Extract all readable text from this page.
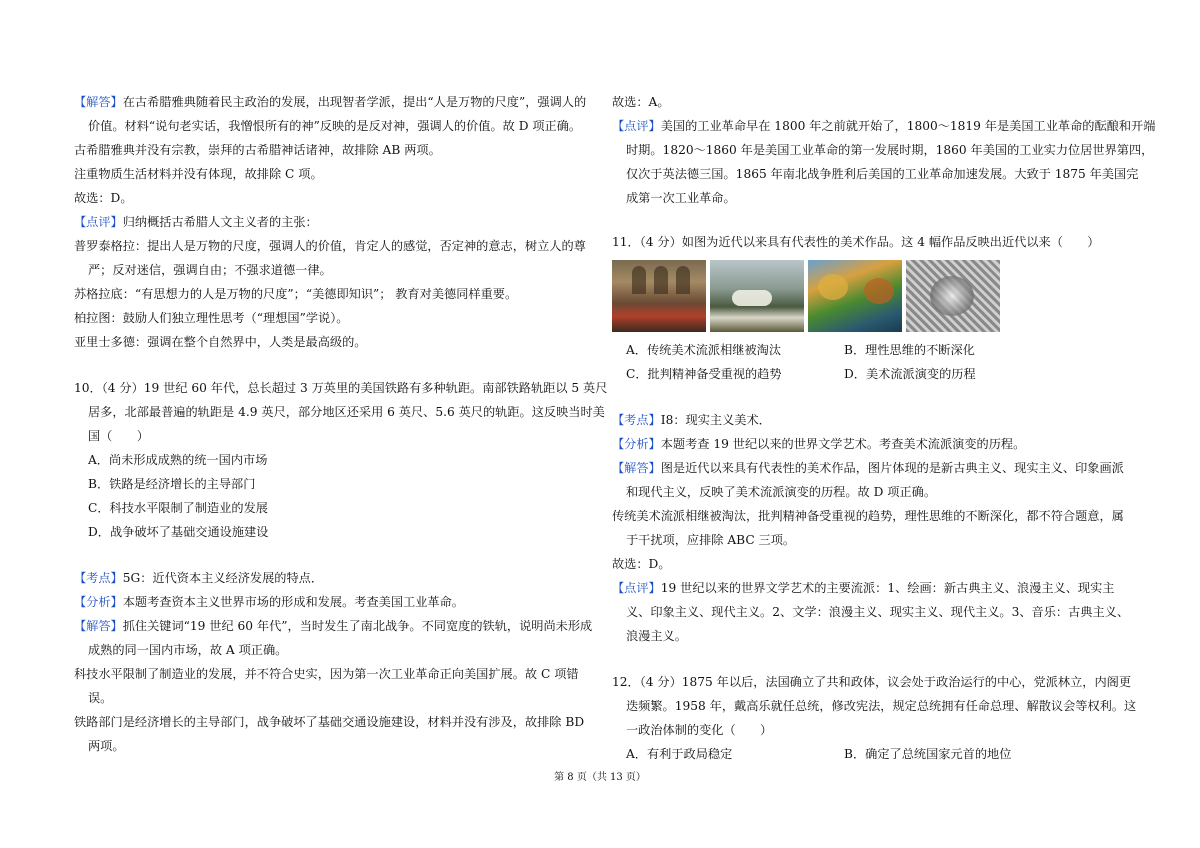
【解答】在古希腊雅典随着民主政治的发展，出现智者学派，提出“人是万物的尺度”，强调人的
价值。材料“说句老实话，我憎恨所有的神”反映的是反对神，强调人的价值。故 D 项正确。
古希腊雅典并没有宗教，崇拜的古希腊神话诸神，故排除 AB 两项。
注重物质生活材料并没有体现，故排除 C 项。
故选：D。
【点评】归纳概括古希腊人文主义者的主张：
普罗泰格拉：提出人是万物的尺度，强调人的价值，肯定人的感觉，否定神的意志，树立人的尊
严；反对迷信，强调自由；不强求道德一律。
苏格拉底：“有思想力的人是万物的尺度”；“美德即知识”； 教育对美德同样重要。
柏拉图：鼓励人们独立理性思考（“理想国”学说）。
亚里士多德：强调在整个自然界中，人类是最高级的。
10．（4 分）19 世纪 60 年代，总长超过 3 万英里的美国铁路有多种轨距。南部铁路轨距以 5 英尺
居多，北部最普遍的轨距是 4.9 英尺，部分地区还采用 6 英尺、5.6 英尺的轨距。这反映当时美
国（　　）
A．尚未形成成熟的统一国内市场
B．铁路是经济增长的主导部门
C．科技水平限制了制造业的发展
D．战争破坏了基础交通设施建设
【考点】5G：近代资本主义经济发展的特点．
【分析】本题考查资本主义世界市场的形成和发展。考查美国工业革命。
【解答】抓住关键词“19 世纪 60 年代”，当时发生了南北战争。不同宽度的铁轨，说明尚未形成
成熟的同一国内市场，故 A 项正确。
科技水平限制了制造业的发展，并不符合史实，因为第一次工业革命正向美国扩展。故 C 项错
误。
铁路部门是经济增长的主导部门，战争破坏了基础交通设施建设，材料并没有涉及，故排除 BD
两项。
故选：A。
【点评】美国的工业革命早在 1800 年之前就开始了，1800～1819 年是美国工业革命的酝酿和开端
时期。1820～1860 年是美国工业革命的第一发展时期，1860 年美国的工业实力位居世界第四，
仅次于英法德三国。1865 年南北战争胜利后美国的工业革命加速发展。大致于 1875 年美国完
成第一次工业革命。
11．（4 分）如图为近代以来具有代表性的美术作品。这 4 幅作品反映出近代以来（　　）
A．传统美术流派相继被淘汰	B．理性思维的不断深化
C．批判精神备受重视的趋势	D．美术流派演变的历程
【考点】I8：现实主义美术．
【分析】本题考查 19 世纪以来的世界文学艺术。考查美术流派演变的历程。
【解答】图是近代以来具有代表性的美术作品，图片体现的是新古典主义、现实主义、印象画派
和现代主义，反映了美术流派演变的历程。故 D 项正确。
传统美术流派相继被淘汰，批判精神备受重视的趋势，理性思维的不断深化，都不符合题意，属
于干扰项，应排除 ABC 三项。
故选：D。
【点评】19 世纪以来的世界文学艺术的主要流派：1、绘画：新古典主义、浪漫主义、现实主
义、印象主义、现代主义。2、文学：浪漫主义、现实主义、现代主义。3、音乐：古典主义、
浪漫主义。
12．（4 分）1875 年以后，法国确立了共和政体，议会处于政治运行的中心，党派林立，内阁更
迭频繁。1958 年，戴高乐就任总统，修改宪法，规定总统拥有任命总理、解散议会等权利。这
一政治体制的变化（　　）
A．有利于政局稳定	B．确定了总统国家元首的地位
第 8 页（共 13 页）
